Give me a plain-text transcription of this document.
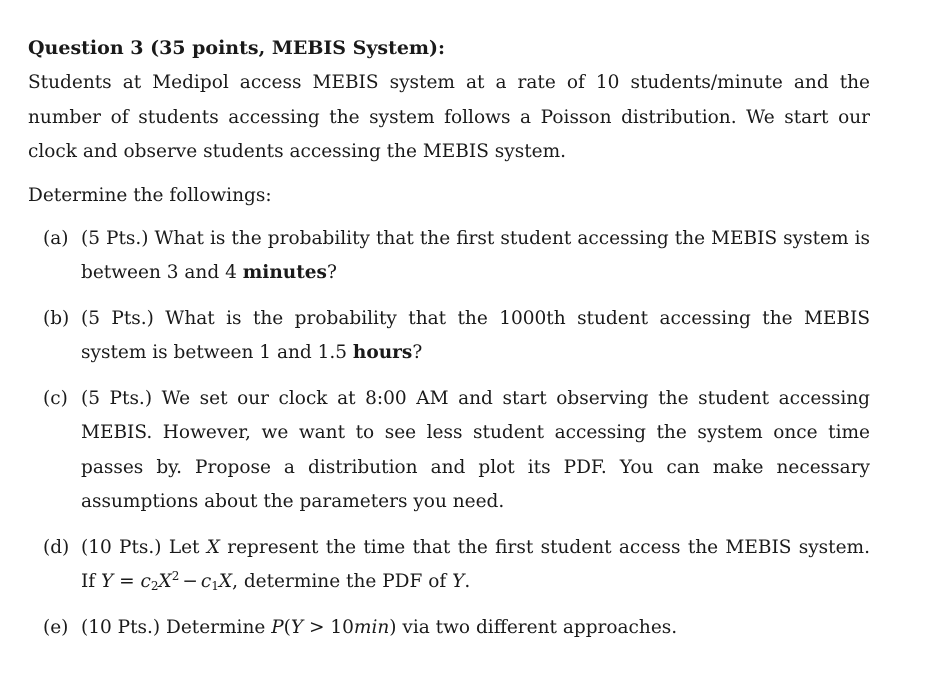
Question 3 (35 points, MEBIS System):

Students at Medipol access MEBIS system at a rate of 10 students/minute and the number of students accessing the system follows a Poisson distribution. We start our clock and observe students accessing the MEBIS system.

Determine the followings:

(a) (5 Pts.) What is the probability that the first student accessing the MEBIS system is between 3 and 4 minutes?
(b) (5 Pts.) What is the probability that the 1000th student accessing the MEBIS system is between 1 and 1.5 hours?
(c) (5 Pts.) We set our clock at 8:00 AM and start observing the student accessing MEBIS. However, we want to see less student accessing the system once time passes by. Propose a distribution and plot its PDF. You can make necessary assumptions about the parameters you need.
(d) (10 Pts.) Let X represent the time that the first student access the MEBIS system. If $Y = c_2X^2 - c_1X$, determine the PDF of Y.
(e) (10 Pts.) Determine P(Y > 10min) via two different approaches.
